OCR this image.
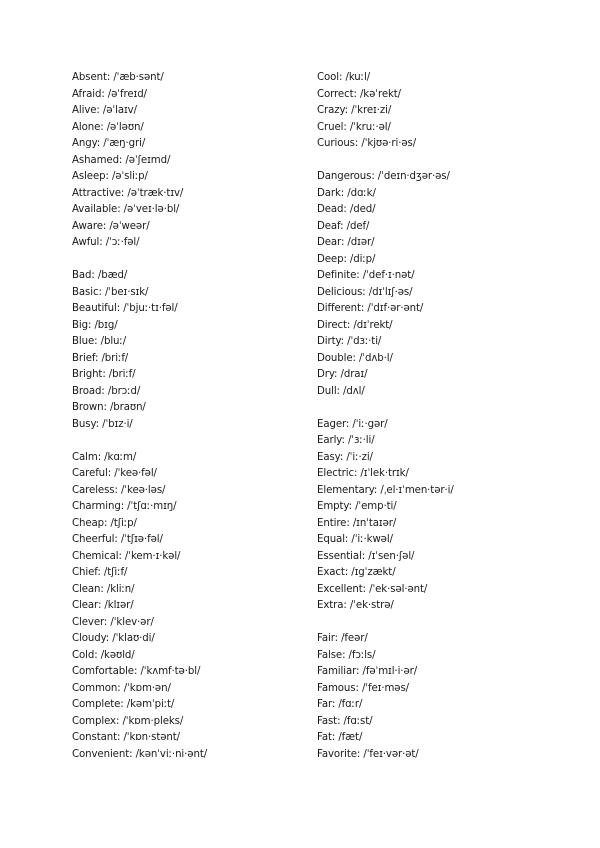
Absent: /ˈæb·sənt/
Afraid: /əˈfreɪd/
Alive: /əˈlaɪv/
Alone: /əˈləʊn/
Angy: /ˈæŋ·gri/
Ashamed: /əˈʃeɪmd/
Asleep: /əˈsliːp/
Attractive: /əˈtræk·tɪv/
Available: /əˈveɪ·lə·bl/
Aware: /əˈweər/
Awful: /ˈɔː·fəl/
Bad: /bæd/
Basic: /ˈbeɪ·sɪk/
Beautiful: /ˈbjuː·tɪ·fəl/
Big: /bɪg/
Blue: /bluː/
Brief: /briːf/
Bright: /briːf/
Broad: /brɔːd/
Brown: /braʊn/
Busy: /ˈbɪz·i/
Calm: /kɑːm/
Careful: /ˈkeə·fəl/
Careless: /ˈkeə·ləs/
Charming: /ˈtʃɑː·mɪŋ/
Cheap: /tʃiːp/
Cheerful: /ˈtʃɪə·fəl/
Chemical: /ˈkem·ɪ·kəl/
Chief: /tʃiːf/
Clean: /kliːn/
Clear: /klɪər/
Clever: /ˈklev·ər/
Cloudy: /ˈklaʊ·di/
Cold: /kəʊld/
Comfortable: /ˈkʌmf·tə·bl/
Common: /ˈkɒm·ən/
Complete: /kəmˈpiːt/
Complex: /ˈkɒm·pleks/
Constant: /ˈkɒn·stənt/
Convenient: /kənˈviː·ni·ənt/
Cool: /kuːl/
Correct: /kəˈrekt/
Crazy: /ˈkreɪ·zi/
Cruel: /ˈkruː·əl/
Curious: /ˈkjʊə·ri·əs/
Dangerous: /ˈdeɪn·dʒər·əs/
Dark: /dɑːk/
Dead: /ded/
Deaf: /def/
Dear: /dɪər/
Deep: /diːp/
Definite: /ˈdef·ɪ·nət/
Delicious: /dɪˈlɪʃ·əs/
Different: /ˈdɪf·ər·ənt/
Direct: /dɪˈrekt/
Dirty: /ˈdɜː·ti/
Double: /ˈdʌb·l/
Dry: /draɪ/
Dull: /dʌl/
Eager: /ˈiː·gər/
Early: /ˈɜː·li/
Easy: /ˈiː·zi/
Electric: /ɪˈlek·trɪk/
Elementary: /ˌel·ɪˈmen·tər·i/
Empty: /ˈemp·ti/
Entire: /ɪnˈtaɪər/
Equal: /ˈiː·kwəl/
Essential: /ɪˈsen·ʃəl/
Exact: /ɪgˈzækt/
Excellent: /ˈek·səl·ənt/
Extra: /ˈek·strə/
Fair: /feər/
False: /fɔːls/
Familiar: /fəˈmɪl·i·ər/
Famous: /ˈfeɪ·məs/
Far: /fɑːr/
Fast: /fɑːst/
Fat: /fæt/
Favorite: /ˈfeɪ·vər·ət/
